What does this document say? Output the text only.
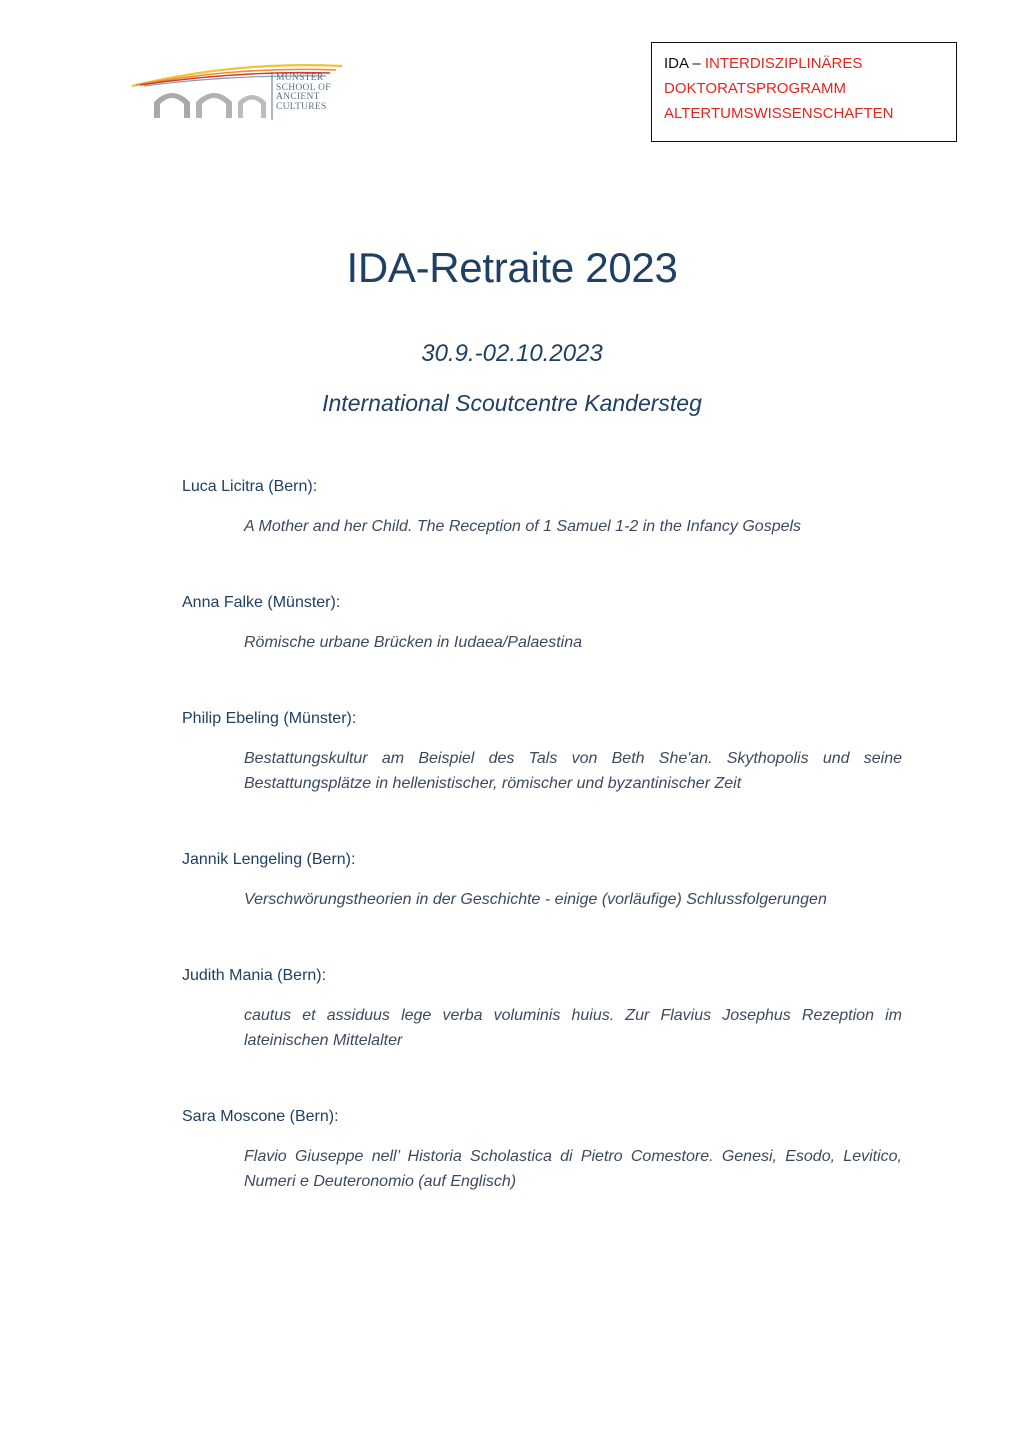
MÜNSTER
SCHOOL OF
ANCIENT
CULTURES
IDA – INTERDISZIPLINÄRES
DOKTORATSPROGRAMM
ALTERTUMSWISSENSCHAFTEN
IDA-Retraite 2023
30.9.-02.10.2023
International Scoutcentre Kandersteg
Luca Licitra (Bern):

A Mother and her Child. The Reception of 1 Samuel 1-2 in the Infancy Gospels

Anna Falke (Münster):

Römische urbane Brücken in Iudaea/Palaestina

Philip Ebeling (Münster):

Bestattungskultur am Beispiel des Tals von Beth She'an. Skythopolis und seine Bestattungsplätze in hellenistischer, römischer und byzantinischer Zeit

Jannik Lengeling (Bern):

Verschwörungstheorien in der Geschichte - einige (vorläufige) Schlussfolgerungen

Judith Mania (Bern):

cautus et assiduus lege verba voluminis huius. Zur Flavius Josephus Rezeption im lateinischen Mittelalter

Sara Moscone (Bern):

Flavio Giuseppe nell’ Historia Scholastica di Pietro Comestore. Genesi, Esodo, Levitico, Numeri e Deuteronomio (auf Englisch)
